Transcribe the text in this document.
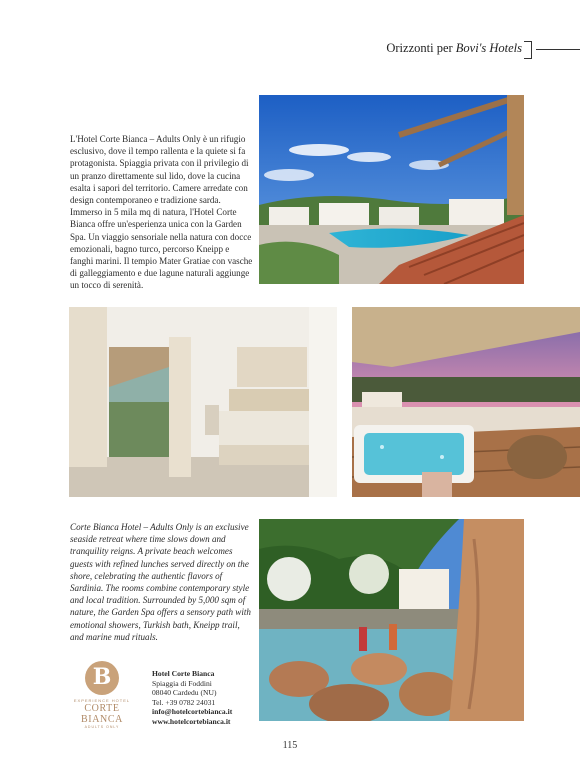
Orizzonti per Bovi's Hotels
L'Hotel Corte Bianca – Adults Only è un rifugio esclusivo, dove il tempo rallenta e la quiete si fa protagonista. Spiaggia privata con il privilegio di un pranzo direttamente sul lido, dove la cucina esalta i sapori del territorio. Camere arredate con design contemporaneo e tradizione sarda. Immerso in 5 mila mq di natura, l'Hotel Corte Bianca offre un'esperienza unica con la Garden Spa. Un viaggio sensoriale nella natura con docce emozionali, bagno turco, percorso Kneipp e fanghi marini. Il tempio Mater Gratiae con vasche di galleggiamento e due lagune naturali aggiunge un tocco di serenità.
Corte Bianca Hotel – Adults Only is an exclusive seaside retreat where time slows down and tranquility reigns. A private beach welcomes guests with refined lunches served directly on the shore, celebrating the authentic flavors of Sardinia. The rooms combine contemporary style and local tradition. Surrounded by 5,000 sqm of nature, the Garden Spa offers a sensory path with emotional showers, Turkish bath, Kneipp trail, and marine mud rituals.
B
EXPERIENCE HOTEL
CORTE BIANCA
ADULTS ONLY
Hotel Corte Bianca
Spiaggia di Foddini
08040 Cardedu (NU)
Tel. +39 0782 24031
info@hotelcortebianca.it
www.hotelcortebianca.it
115
